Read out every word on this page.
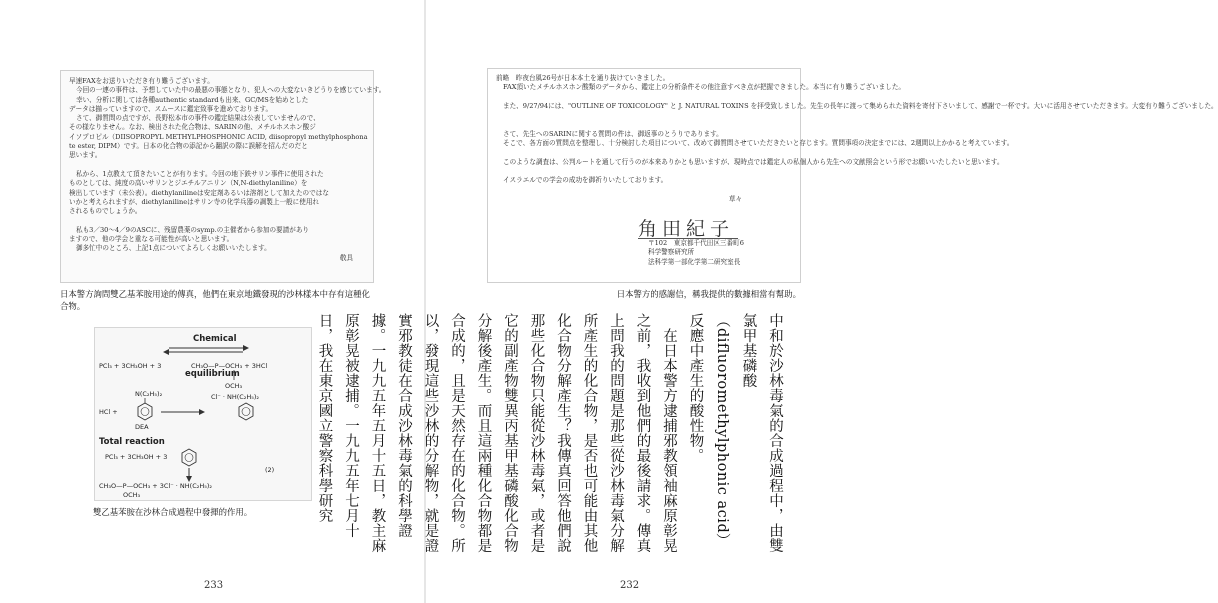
早速FAXをお送りいただき有り難うございます。
今回の一連の事件は、予想していた中の最悪の事態となり、犯人への大変ないきどうりを感じています。
幸い、分析に関しては各種authentic standardも出来、GC/MSを始めとした
データは揃っていますので、スムースに鑑定致事を進めております。
さて、御質問の点ですが、長野松本市の事件の鑑定結果は公表していませんので、
その様なりません。なお、検出された化合物は、SARINの他、メチルホスホン酸ジ
イソプロピル（DIISOPROPYL METHYLPHOSPHONIC ACID, diisopropyl methylphosphona
te ester, DIPM）です。日本の化合物の添記から翻訳の際に誤解を招んだのだと
思います。

私から、1点教えて頂きたいことが有ります。今回の地下鉄サリン事件に使用された
ものとしては、純度の高いサリンとジエチルアニリン（N,N-diethylaniline）を
検出しています（未公表）。diethylanilineは安定剤あるいは溶剤として加えたのではな
いかと考えられますが、diethylanilineはサリン寺の化学兵器の調製上一般に使用れ
されるものでしょうか。

私も3／30〜4／9のASCに、残留農薬のsymp.の主催者から参加の要請があり
ますので、他の学会と重なる可能性が高いと思います。
御多忙中のところ、上記1点についてよろしくお願いいたします。
敬具
日本警方詢問雙乙基苯胺用途的傳真，他們在東京地鐵發現的沙林樣本中存有這種化合物。
Chemical
PCl₃ + 3CH₃OH + 3	CH₃O—P—OCH₃ + 3HCl
equilibrium
OCH₃
N(C₂H₅)₂
HCl +
DEA
Cl⁻ · NH(C₂H₅)₂
Total reaction
PCl₃ + 3CH₃OH + 3
CH₃O—P—OCH₃ + 3Cl⁻ · NH(C₂H₅)₂
(2)
OCH₃
雙乙基苯胺在沙林合成過程中發揮的作用。
233
前略　昨夜台風26号が日本本土を通り抜けていきました。
FAX頂いたメチルホスホン酸類のデータから、鑑定上の分析条件その他注意すべき点が把握できました。本当に有り難うございました。

また、9/27/94には、"OUTLINE OF TOXICOLOGY" と J. NATURAL TOXINS を拝受致しました。先生の長年に渡って集められた資料を寄付下さいまして、感謝で一杯です。大いに活用させていただきます。大変有り難うございました。

さて、先生へのSARINに関する質問の件は、御返事のとうりであります。
そこで、各方面の質問点を整理し、十分検討した項目について、改めて御質問させていただきたいと存じます。質問事項の決定までには、2週間以上かかると考えています。

このような調査は、公判ルートを通して行うのが本来ありかとも思いますが、現時点では鑑定人の私個人から先生への文献照会という形でお願いいたしたいと思います。

イスラエルでの学会の成功を御祈りいたしております。

草々
角田紀子
〒102　東京都千代田区三番町6
科学警察研究所
法科学第一部化学第二研究室長
日本警方的感謝信，稱我提供的數據相當有幫助。

中和於沙林毒氣的合成過程中，由雙氯甲基磷酸（difluoromethylphonic acid）反應中產生的酸性物。

在日本警方逮捕邪教領袖麻原彰晃之前，我收到他們的最後請求。傳真上問我的問題是那些從沙林毒氣分解所產生的化合物，是否也可能由其他化合物分解產生？我傳真回答他們說那些化合物只能從沙林毒氣，或者是它的副產物雙異丙基甲基磷酸化合物分解後產生。而且這兩種化合物都是合成的，且是天然存在的化合物。所以，發現這些沙林的分解物，就是證實邪教徒在合成沙林毒氣的科學證據。一九九五年五月十五日，教主麻原彰晃被逮捕。一九九五年七月十日，我在東京國立警察科學研究

232
